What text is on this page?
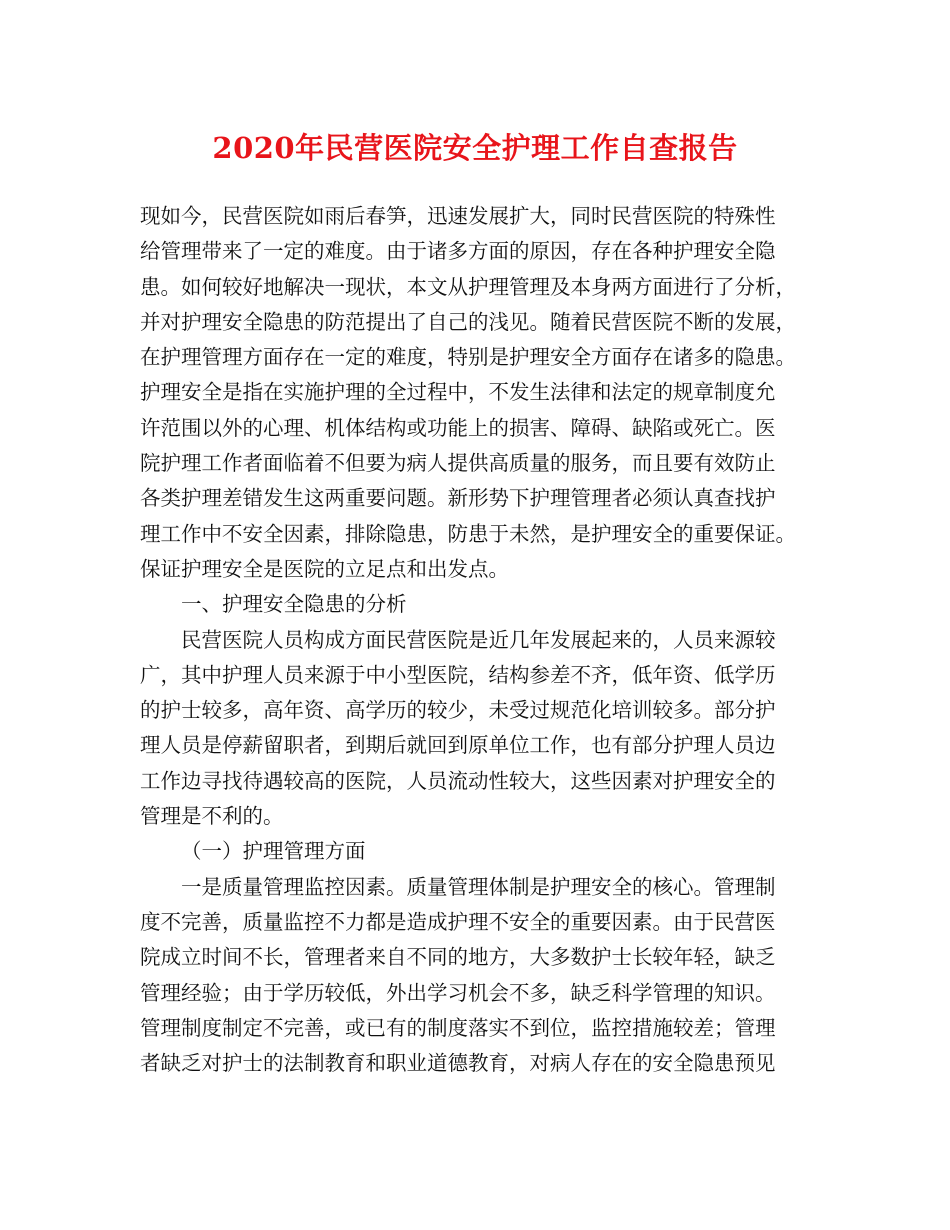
2020年民营医院安全护理工作自查报告
现如今，民营医院如雨后春笋，迅速发展扩大，同时民营医院的特殊性
给管理带来了一定的难度。由于诸多方面的原因，存在各种护理安全隐
患。如何较好地解决一现状，本文从护理管理及本身两方面进行了分析，
并对护理安全隐患的防范提出了自己的浅见。随着民营医院不断的发展，
在护理管理方面存在一定的难度，特别是护理安全方面存在诸多的隐患。
护理安全是指在实施护理的全过程中，不发生法律和法定的规章制度允
许范围以外的心理、机体结构或功能上的损害、障碍、缺陷或死亡。医
院护理工作者面临着不但要为病人提供高质量的服务，而且要有效防止
各类护理差错发生这两重要问题。新形势下护理管理者必须认真查找护
理工作中不安全因素，排除隐患，防患于未然，是护理安全的重要保证。
保证护理安全是医院的立足点和出发点。
一、护理安全隐患的分析
民营医院人员构成方面民营医院是近几年发展起来的，人员来源较
广，其中护理人员来源于中小型医院，结构参差不齐，低年资、低学历
的护士较多，高年资、高学历的较少，未受过规范化培训较多。部分护
理人员是停薪留职者，到期后就回到原单位工作，也有部分护理人员边
工作边寻找待遇较高的医院，人员流动性较大，这些因素对护理安全的
管理是不利的。
（一）护理管理方面
一是质量管理监控因素。质量管理体制是护理安全的核心。管理制
度不完善，质量监控不力都是造成护理不安全的重要因素。由于民营医
院成立时间不长，管理者来自不同的地方，大多数护士长较年轻，缺乏
管理经验；由于学历较低，外出学习机会不多，缺乏科学管理的知识。
管理制度制定不完善，或已有的制度落实不到位，监控措施较差；管理
者缺乏对护士的法制教育和职业道德教育，对病人存在的安全隐患预见
